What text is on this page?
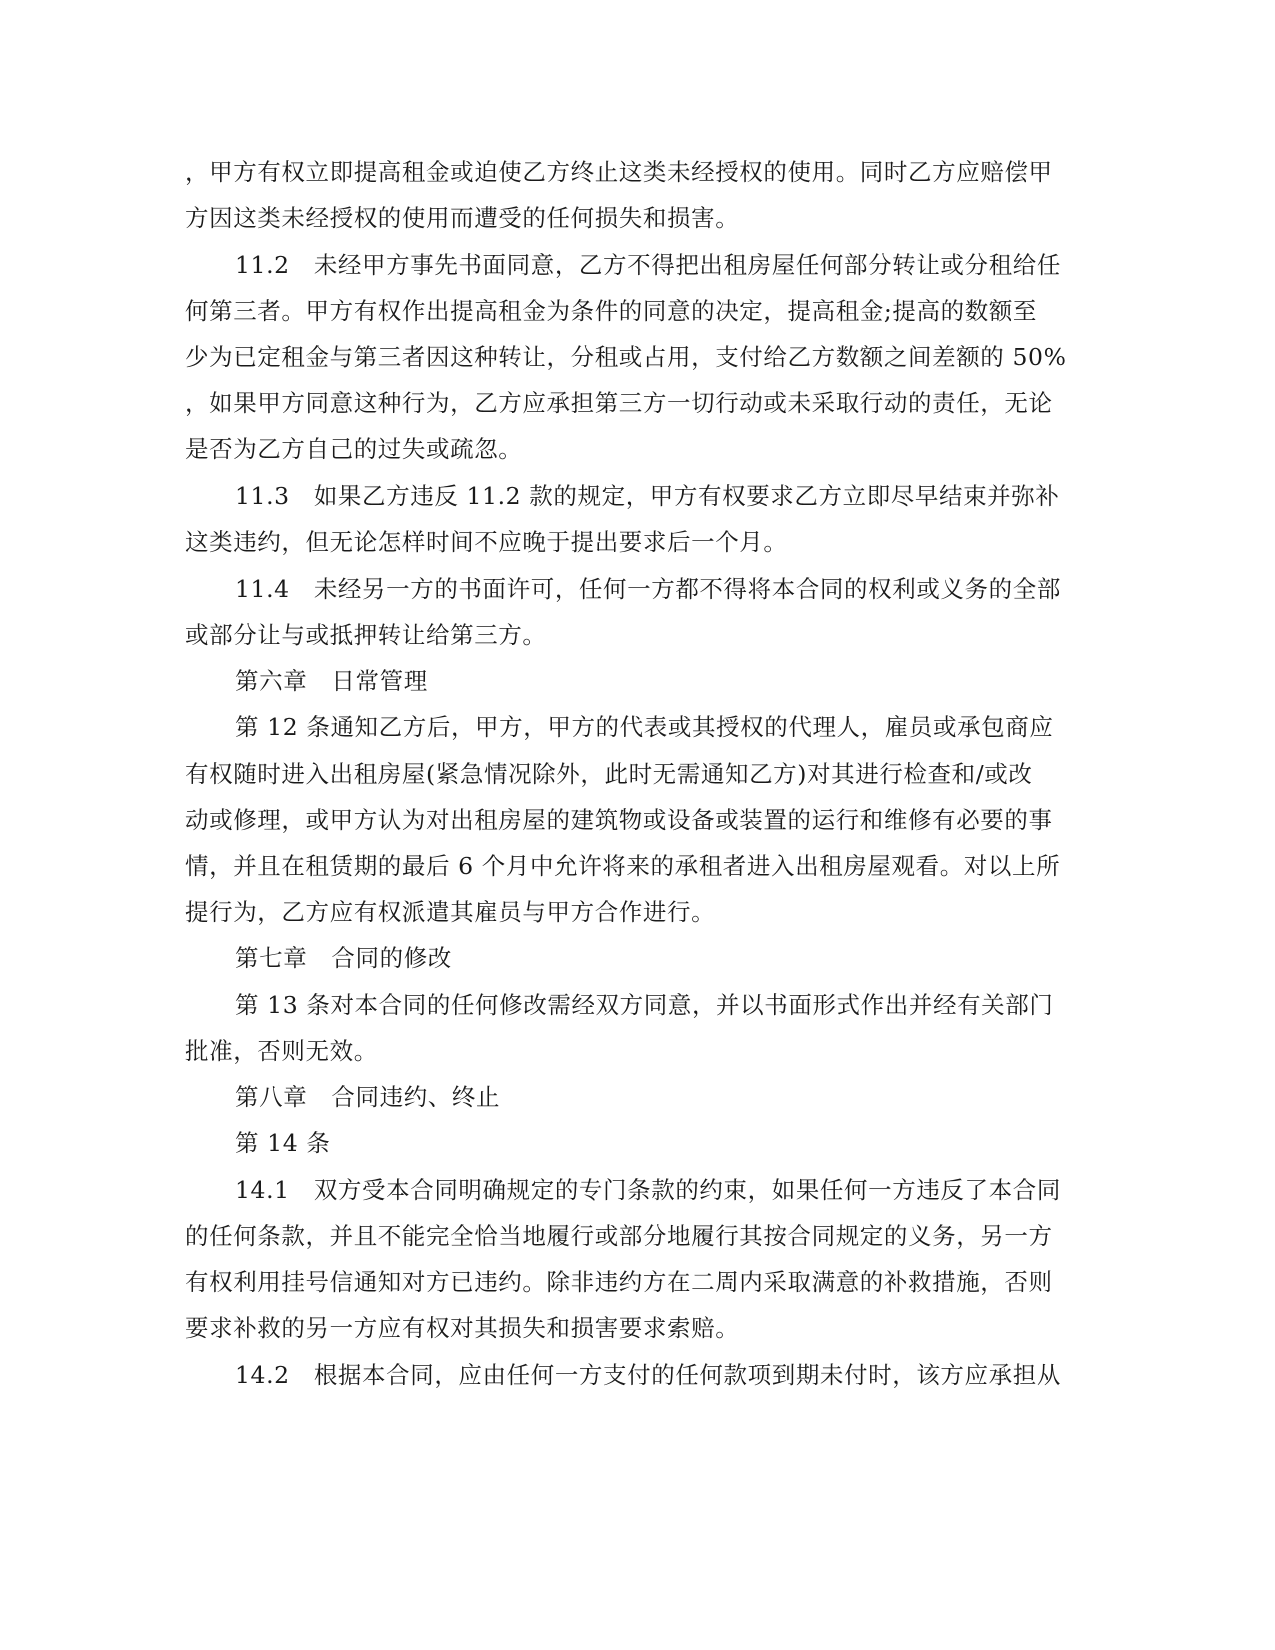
，甲方有权立即提高租金或迫使乙方终止这类未经授权的使用。同时乙方应赔偿甲
方因这类未经授权的使用而遭受的任何损失和损害。
11.2　未经甲方事先书面同意，乙方不得把出租房屋任何部分转让或分租给任
何第三者。甲方有权作出提高租金为条件的同意的决定，提高租金;提高的数额至
少为已定租金与第三者因这种转让，分租或占用，支付给乙方数额之间差额的 50%
，如果甲方同意这种行为，乙方应承担第三方一切行动或未采取行动的责任，无论
是否为乙方自己的过失或疏忽。
11.3　如果乙方违反 11.2 款的规定，甲方有权要求乙方立即尽早结束并弥补
这类违约，但无论怎样时间不应晚于提出要求后一个月。
11.4　未经另一方的书面许可，任何一方都不得将本合同的权利或义务的全部
或部分让与或抵押转让给第三方。
第六章　日常管理
第 12 条通知乙方后，甲方，甲方的代表或其授权的代理人，雇员或承包商应
有权随时进入出租房屋(紧急情况除外，此时无需通知乙方)对其进行检查和/或改
动或修理，或甲方认为对出租房屋的建筑物或设备或装置的运行和维修有必要的事
情，并且在租赁期的最后 6 个月中允许将来的承租者进入出租房屋观看。对以上所
提行为，乙方应有权派遣其雇员与甲方合作进行。
第七章　合同的修改
第 13 条对本合同的任何修改需经双方同意，并以书面形式作出并经有关部门
批准，否则无效。
第八章　合同违约、终止
第 14 条
14.1　双方受本合同明确规定的专门条款的约束，如果任何一方违反了本合同
的任何条款，并且不能完全恰当地履行或部分地履行其按合同规定的义务，另一方
有权利用挂号信通知对方已违约。除非违约方在二周内采取满意的补救措施，否则
要求补救的另一方应有权对其损失和损害要求索赔。
14.2　根据本合同，应由任何一方支付的任何款项到期未付时，该方应承担从
